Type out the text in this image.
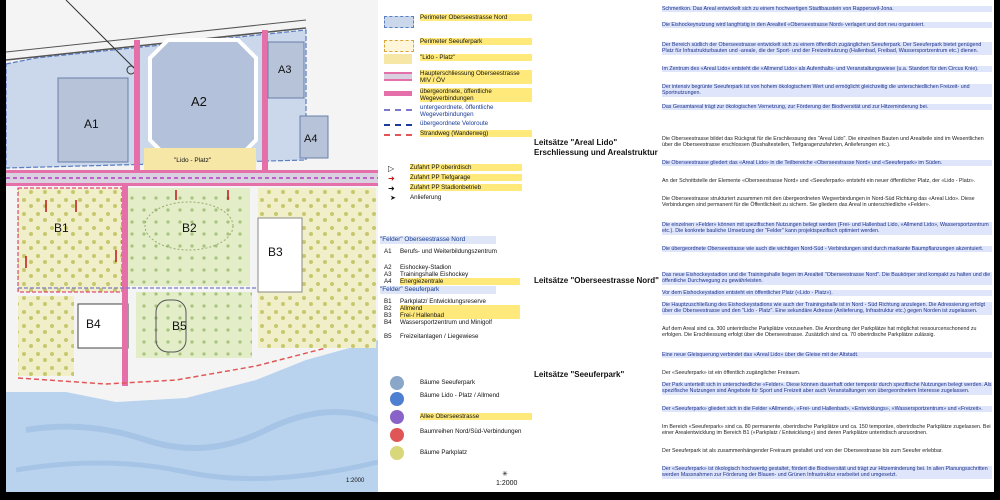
A1
A2
A3
A4
"Lido - Platz"
B1	B2
B3
B4	B5
1:2000
Perimeter Oberseestrasse Nord
Perimeter Seeuferpark
"Lido - Platz"
Haupterschliessung Oberseestrasse MIV / ÖV
übergeordnete, öffentliche Wegeverbindungen
untergeordnete, öffentliche Wegeverbindungen
übergeordnete Veloroute
Strandweg (Wanderweg)
▷	Zufahrt PP oberirdisch
➜	Zufahrt PP Tiefgarage
➜	Zufahrt PP Stadionbetrieb
➤	Anlieferung
"Felder" Oberseestrasse Nord
A1	Berufs- und Weiterbildungszentrum
A2	Eishockey-Stadion
A3	Trainingshalle Eishockey
A4	Energiezentrale
"Felder" Seeuferpark
B1	Parkplatz/ Entwicklungsreserve
B2	Allmend
B3	Frei-/ Hallenbad
B4	Wassersportzentrum und Minigolf
B5	Freizeitanlagen / Liegewiese
Bäume Seeuferpark
Bäume Lido - Platz / Allmend
Allee Oberseestrasse
Baumreihen Nord/Süd-Verbindungen
Bäume Parkplatz
✳
1:2000
Schmerikon. Das Areal entwickelt sich zu einem hochwertigen Stadtbaustein von Rapperswil-Jona.
Die Eishockeynutzung wird langfristig in den Arealteil «Oberseestrasse Nord» verlagert und dort neu organisiert.
Der Bereich südlich der Oberseestrasse entwickelt sich zu einem öffentlich zugänglichen Seeuferpark. Der Seeuferpark bietet genügend Platz für Infrastrukturbauten und -areale, die der Sport- und der Freizeitnutzung (Hallenbad, Freibad, Wassersportzentrum etc.) dienen.
Im Zentrum des «Areal Lido» entsteht die «Allmend Lido» als Aufenthalts- und Veranstaltungswiese (u.a. Standort für den Circus Knie).
Der intensiv begrünte Seeuferpark ist von hohem ökologischem Wert und ermöglicht gleichzeitig die unterschiedlichen Freizeit- und Sportnutzungen.
Das Gesamtareal trägt zur ökologischen Vernetzung, zur Förderung der Biodiversität und zur Hitzeminderung bei.
Leitsätze "Areal Lido" Erschliessung und Arealstruktur
Die Oberseestrasse bildet das Rückgrat für die Erschliessung des "Areal Lido". Die einzelnen Bauten und Arealteile sind im Wesentlichen über die Oberseestrasse erschlossen (Bushaltestellen, Tiefgaragenzufahrten, Anlieferungen etc.).
Die Oberseestrasse gliedert das «Areal Lido» in die Teilbereiche «Oberseestrasse Nord» und «Seeuferpark» im Süden.
An der Schnittstelle der Elemente «Oberseestrasse Nord» und «Seeuferpark» entsteht ein neuer öffentlicher Platz, der «Lido - Platz».
Die Oberseestrasse strukturiert zusammen mit den übergeordneten Wegverbindungen in Nord-Süd Richtung das «Areal Lido». Diese Verbindungen sind permanent für die Öffentlichkeit zu sichern. Sie gliedern das Areal in unterschiedliche «Felder».
Die einzelnen «Felder» können mit spezifischen Nutzungen belegt werden (Frei- und Hallenbad Lido, «Allmend Lido», Wassersportzentrum etc.). Die konkrete bauliche Umsetzung der "Felder" kann projektspezifisch optimiert werden.
Die übergeordnete Oberseestrasse wie auch die wichtigen Nord-Süd - Verbindungen sind durch markante Baumpflanzungen akzentuiert.
Leitsätze "Oberseestrasse Nord"
Das neue Eishockeystadion und die Trainingshalle liegen im Arealteil "Oberseestrasse Nord". Die Baukörper sind kompakt zu halten und die öffentliche Durchwegung zu gewährleisten.
Vor dem Eishockeystadion entsteht ein öffentlicher Platz («Lido - Platz»).
Die Hauptzuschließung des Eishockeystadions wie auch der Trainingshalle ist in Nord - Süd Richtung anzulegen. Die Adressierung erfolgt über die Oberseestrasse und den "Lido - Platz". Eine sekundäre Adresse (Anlieferung, Infrastruktur etc.) gegen Norden ist zugelassen.
Auf dem Areal sind ca. 300 unterirdische Parkplätze vorzusehen. Die Anordnung der Parkplätze hat möglichst ressourcenschonend zu erfolgen. Die Erschliessung erfolgt über die Oberseestrasse. Zusätzlich sind ca. 70 oberirdische Parkplätze zulässig.
Eine neue Gleisquerung verbindet das «Areal Lido» über die Gleise mit der Altstadt.
Leitsätze "Seeuferpark"	Der «Seeuferpark» ist ein öffentlich zugänglicher Freiraum.
Der Park unterteilt sich in unterschiedliche «Felder». Diese können dauerhaft oder temporär durch spezifische Nutzungen belegt werden. Als spezifische Nutzungen sind Angebote für Sport und Freizeit aber auch Veranstaltungen von übergeordnetem Interesse zugelassen.
Der «Seeuferpark» gliedert sich in die Felder «Allmend», «Frei- und Hallenbad», «Entwicklungs», «Wassersportzentrum» und «Freizeit».
Im Bereich «Seeuferpark» sind ca. 80 permanente, oberirdische Parkplätze und ca. 150 temporäre, oberirdische Parkplätze zugelassen. Bei einer Arealentwicklung im Bereich B1 («Parkplatz / Entwicklung») sind deren Parkplätze unterirdisch anzuordnen.
Der Seeuferpark ist als zusammenhängender Freiraum gestaltet und von der Oberseestrasse bis zum Seeufer erlebbar.
Der «Seeuferpark» ist ökologisch hochwertig gestaltet, fördert die Biodiversität und trägt zur Hitzeminderung bei. In allen Planungsschritten werden Massnahmen zur Förderung der Blauen- und Grünen Infrastruktur erarbeitet und umgesetzt.
